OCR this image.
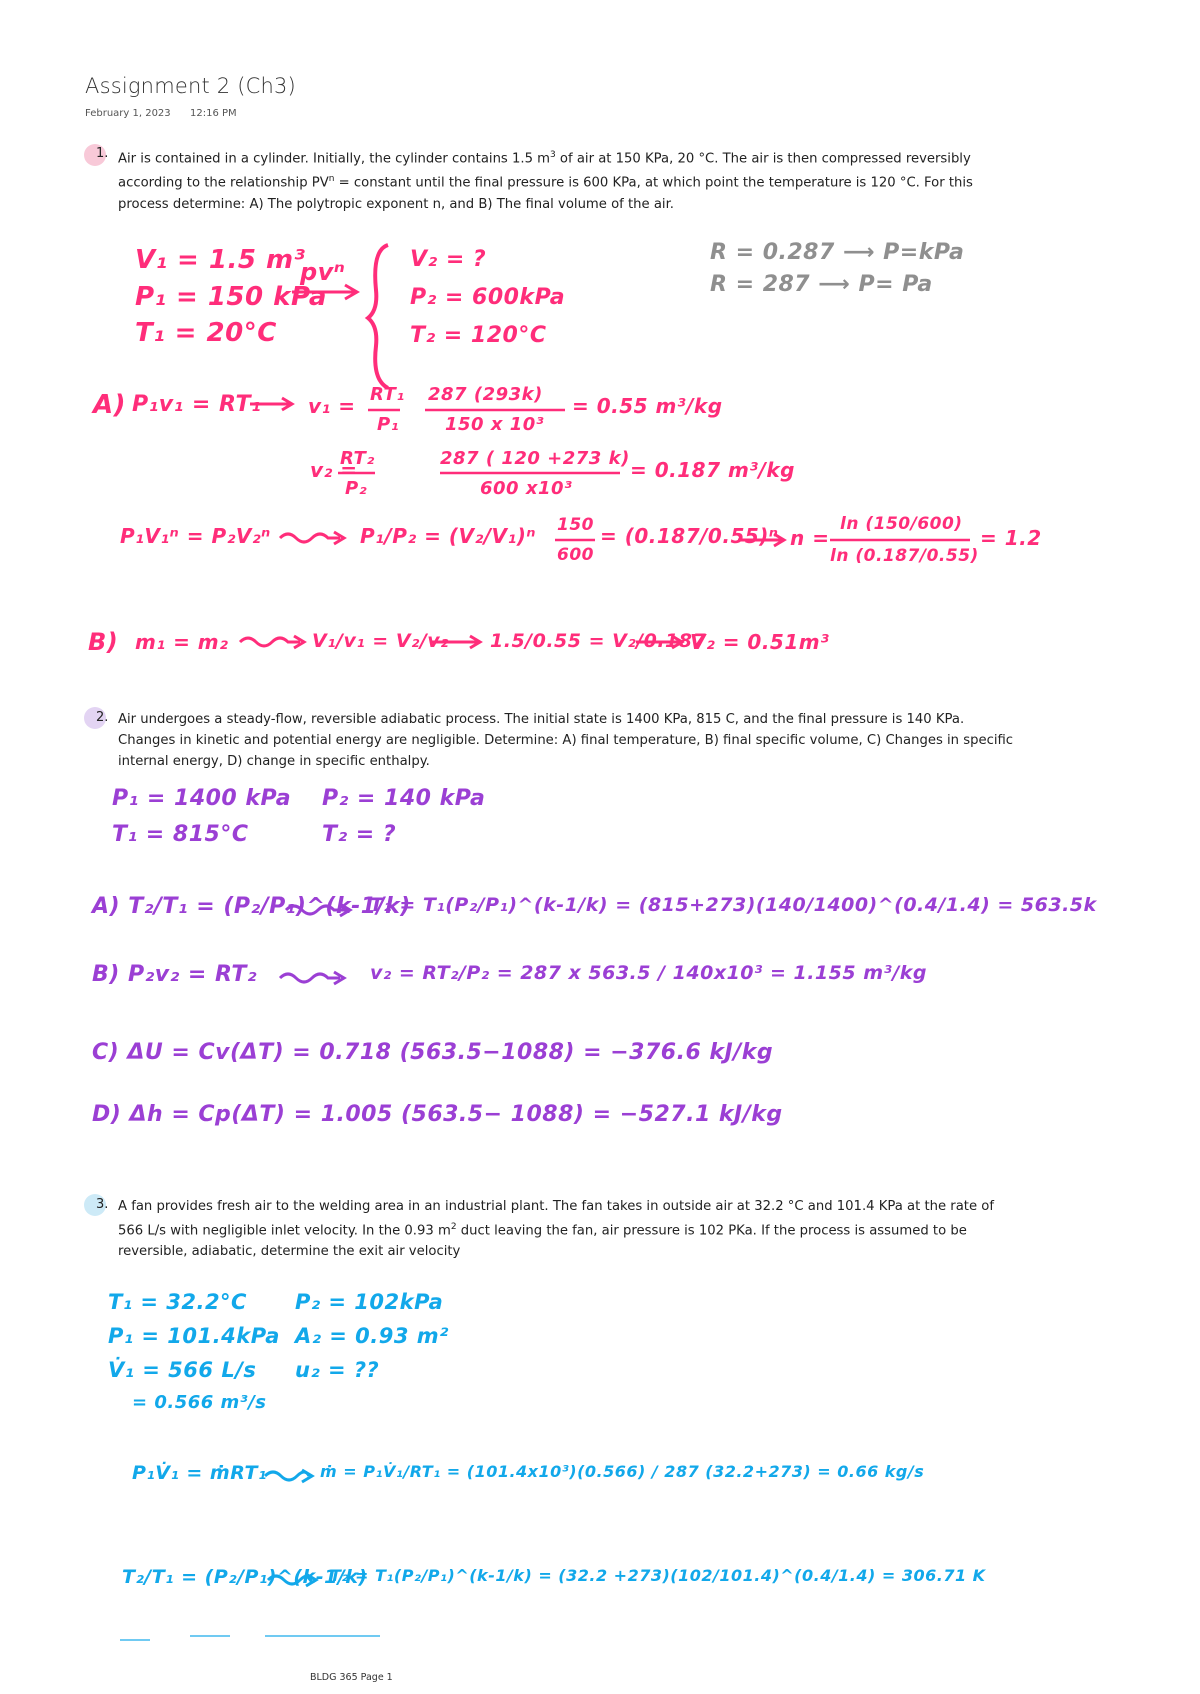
Assignment 2 (Ch3)
February 1, 2023 12:16 PM
1. Air is contained in a cylinder. Initially, the cylinder contains 1.5 $m^3$ of air at 150 KPa, 20 °C. The air is then compressed reversibly according to the relationship $PV^n$ = constant until the final pressure is 600 KPa, at which point the temperature is 120 °C. For this process determine: A) The polytropic exponent n, and B) The final volume of the air.
V₁ = 1.5 m³
P₁ = 150 kPa
T₁ = 20°C
pvⁿ
R = 0.287 ⟶ P=kPa
R = 287 ⟶ P= Pa
V₂ = ?
P₂ = 600kPa
T₂ = 120°C
A) P₁v₁ = RT₁ v₁ = RT₁
P₁
287 (293k)
150 x 10³
= 0.55 m³/kg
v₂ =
RT₂
P₂
287 ( 120 +273 k)
600 x10³
= 0.187 m³/kg
P₁V₁ⁿ = P₂V₂ⁿ	P₁/P₂ = (V₂/V₁)ⁿ 150
600
= (0.187/0.55)ⁿ n =
ln (150/600)
ln (0.187/0.55)
= 1.2
B) m₁ = m₂	V₁/v₁ = V₂/v₂ 1.5/0.55 = V₂/0.187
V₂ = 0.51m³
2. Air undergoes a steady-flow, reversible adiabatic process. The initial state is 1400 KPa, 815 C, and the final pressure is 140 KPa. Changes in kinetic and potential energy are negligible. Determine: A) final temperature, B) final specific volume, C) Changes in specific internal energy, D) change in specific enthalpy.
P₁ = 1400 kPa
T₁ = 815°C
P₂ = 140 kPa
T₂ = ?
A) T₂/T₁ = (P₂/P₁)^(k-1/k)
T₂ = T₁(P₂/P₁)^(k-1/k) = (815+273)(140/1400)^(0.4/1.4) = 563.5k
B) P₂v₂ = RT₂	v₂ = RT₂/P₂ = 287 x 563.5 / 140x10³ = 1.155 m³/kg
C) ΔU = Cv(ΔT) = 0.718 (563.5−1088) = −376.6 kJ/kg
D) Δh = Cp(ΔT) = 1.005 (563.5− 1088) = −527.1 kJ/kg
3. A fan provides fresh air to the welding area in an industrial plant. The fan takes in outside air at 32.2 °C and 101.4 KPa at the rate of 566 L/s with negligible inlet velocity. In the 0.93 $m^2$ duct leaving the fan, air pressure is 102 PKa. If the process is assumed to be reversible, adiabatic, determine the exit air velocity
T₁ = 32.2°C
P₁ = 101.4kPa
V̇₁ = 566 L/s
= 0.566 m³/s
P₂ = 102kPa
A₂ = 0.93 m²
u₂ = ??
P₁V̇₁ = ṁRT₁	ṁ = P₁V̇₁/RT₁ = (101.4x10³)(0.566) / 287 (32.2+273) = 0.66 kg/s
T₂/T₁ = (P₂/P₁)^(k-1/k)
T₂ = T₁(P₂/P₁)^(k-1/k) = (32.2 +273)(102/101.4)^(0.4/1.4) = 306.71 K
BLDG 365 Page 1
